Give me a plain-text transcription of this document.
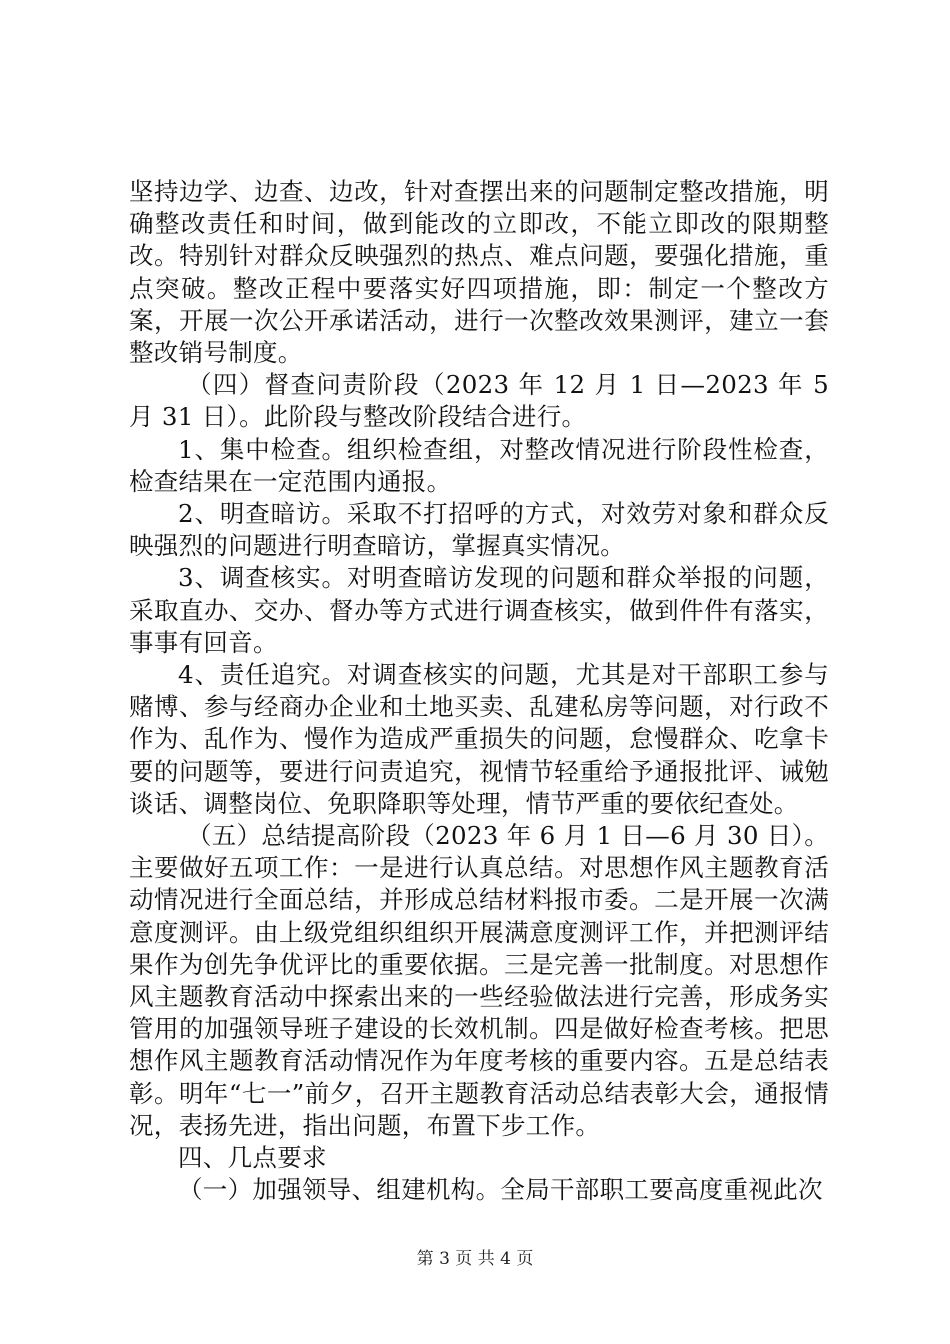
坚持边学、边查、边改，针对查摆出来的问题制定整改措施，明确整改责任和时间，做到能改的立即改，不能立即改的限期整改。特别针对群众反映强烈的热点、难点问题，要强化措施，重点突破。整改正程中要落实好四项措施，即：制定一个整改方案，开展一次公开承诺活动，进行一次整改效果测评，建立一套整改销号制度。

（四）督查问责阶段（2023 年 12 月 1 日—2023 年 5 月 31 日）。此阶段与整改阶段结合进行。

1、集中检查。组织检查组，对整改情况进行阶段性检查，检查结果在一定范围内通报。

2、明查暗访。采取不打招呼的方式，对效劳对象和群众反映强烈的问题进行明查暗访，掌握真实情况。

3、调查核实。对明查暗访发现的问题和群众举报的问题，采取直办、交办、督办等方式进行调查核实，做到件件有落实，事事有回音。

4、责任追究。对调查核实的问题，尤其是对干部职工参与赌博、参与经商办企业和土地买卖、乱建私房等问题，对行政不作为、乱作为、慢作为造成严重损失的问题，怠慢群众、吃拿卡要的问题等，要进行问责追究，视情节轻重给予通报批评、诫勉谈话、调整岗位、免职降职等处理，情节严重的要依纪查处。

（五）总结提高阶段（2023 年 6 月 1 日—6 月 30 日）。主要做好五项工作：一是进行认真总结。对思想作风主题教育活动情况进行全面总结，并形成总结材料报市委。二是开展一次满意度测评。由上级党组织组织开展满意度测评工作，并把测评结果作为创先争优评比的重要依据。三是完善一批制度。对思想作风主题教育活动中探索出来的一些经验做法进行完善，形成务实管用的加强领导班子建设的长效机制。四是做好检查考核。把思想作风主题教育活动情况作为年度考核的重要内容。五是总结表彰。明年“七一”前夕，召开主题教育活动总结表彰大会，通报情况，表扬先进，指出问题，布置下步工作。

四、几点要求

（一）加强领导、组建机构。全局干部职工要高度重视此次

第 3 页 共 4 页
